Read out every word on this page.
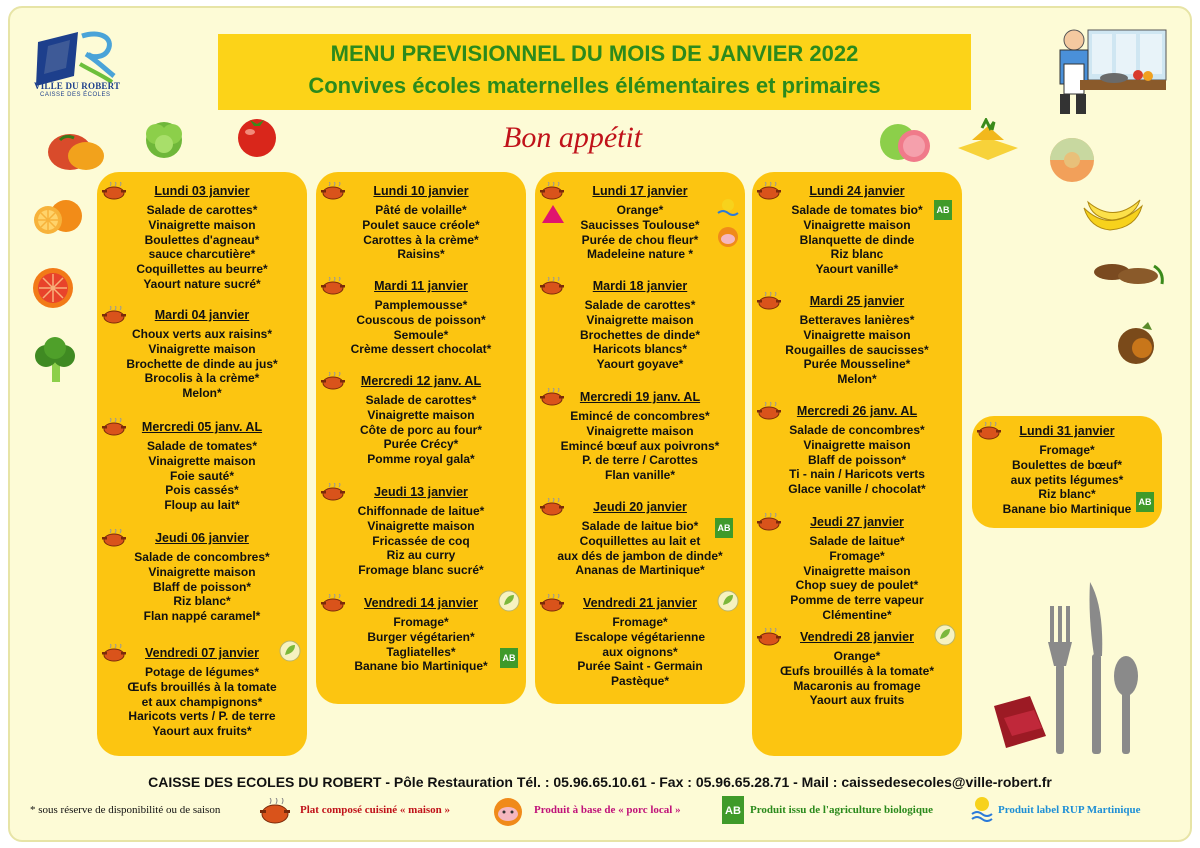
VILLE DU ROBERT
CAISSE DES ÉCOLES
MENU PREVISIONNEL DU MOIS DE JANVIER 2022
Convives écoles maternelles élémentaires et primaires
Bon appétit
Lundi 03 janvier
Salade de carottes*
Vinaigrette maison
Boulettes d'agneau*
sauce charcutière*
Coquillettes au beurre*
Yaourt nature sucré*
Mardi 04 janvier
Choux verts aux raisins*
Vinaigrette maison
Brochette de dinde au jus*
Brocolis à la crème*
Melon*
Mercredi 05 janv. AL
Salade de tomates*
Vinaigrette maison
Foie sauté*
Pois cassés*
Floup au lait*
Jeudi 06 janvier
Salade de concombres*
Vinaigrette maison
Blaff de poisson*
Riz blanc*
Flan nappé caramel*
Vendredi 07 janvier
Potage de légumes*
Œufs brouillés à la tomate
et aux champignons*
Haricots verts / P. de terre
Yaourt aux fruits*
Lundi 10 janvier
Pâté de volaille*
Poulet sauce créole*
Carottes à la crème*
Raisins*
Mardi 11 janvier
Pamplemousse*
Couscous de poisson*
Semoule*
Crème dessert chocolat*
Mercredi 12 janv. AL
Salade de carottes*
Vinaigrette maison
Côte de porc au four*
Purée Crécy*
Pomme royal gala*
Jeudi 13 janvier
Chiffonnade de laitue*
Vinaigrette maison
Fricassée de coq
Riz au curry
Fromage blanc sucré*
Vendredi 14 janvier
Fromage*
Burger végétarien*
Tagliatelles*
Banane bio Martinique*
AB
Lundi 17 janvier
Orange*
Saucisses Toulouse*
Purée de chou fleur*
Madeleine nature *
Mardi 18 janvier
Salade de carottes*
Vinaigrette maison
Brochettes de dinde*
Haricots blancs*
Yaourt goyave*
Mercredi 19 janv. AL
Emincé de concombres*
Vinaigrette maison
Emincé bœuf aux poivrons*
P. de terre / Carottes
Flan vanille*
Jeudi 20 janvier
Salade de laitue bio*
Coquillettes au lait et
aux dés de jambon de dinde*
Ananas de Martinique*
AB
Vendredi 21 janvier
Fromage*
Escalope végétarienne
aux oignons*
Purée Saint - Germain
Pastèque*
Lundi 24 janvier
Salade de tomates bio*
Vinaigrette maison
Blanquette de dinde
Riz blanc
Yaourt vanille*
AB
Mardi 25 janvier
Betteraves lanières*
Vinaigrette maison
Rougailles de saucisses*
Purée Mousseline*
Melon*
Mercredi 26 janv. AL
Salade de concombres*
Vinaigrette maison
Blaff de poisson*
Ti - nain / Haricots verts
Glace vanille / chocolat*
Jeudi 27 janvier
Salade de laitue*
Fromage*
Vinaigrette maison
Chop suey de poulet*
Pomme de terre vapeur
Clémentine*
Vendredi 28 janvier
Orange*
Œufs brouillés à la tomate*
Macaronis au fromage
Yaourt aux fruits
Lundi 31 janvier
Fromage*
Boulettes de bœuf*
aux petits légumes*
Riz blanc*
Banane bio Martinique
AB
CAISSE DES ECOLES DU ROBERT - Pôle Restauration Tél. : 05.96.65.10.61 - Fax : 05.96.65.28.71 - Mail : caissedesecoles@ville-robert.fr
* sous réserve de disponibilité ou de saison	Plat composé cuisiné « maison »	Produit à base de « porc local »	AB Produit issu de l'agriculture biologique	Produit label RUP Martinique
